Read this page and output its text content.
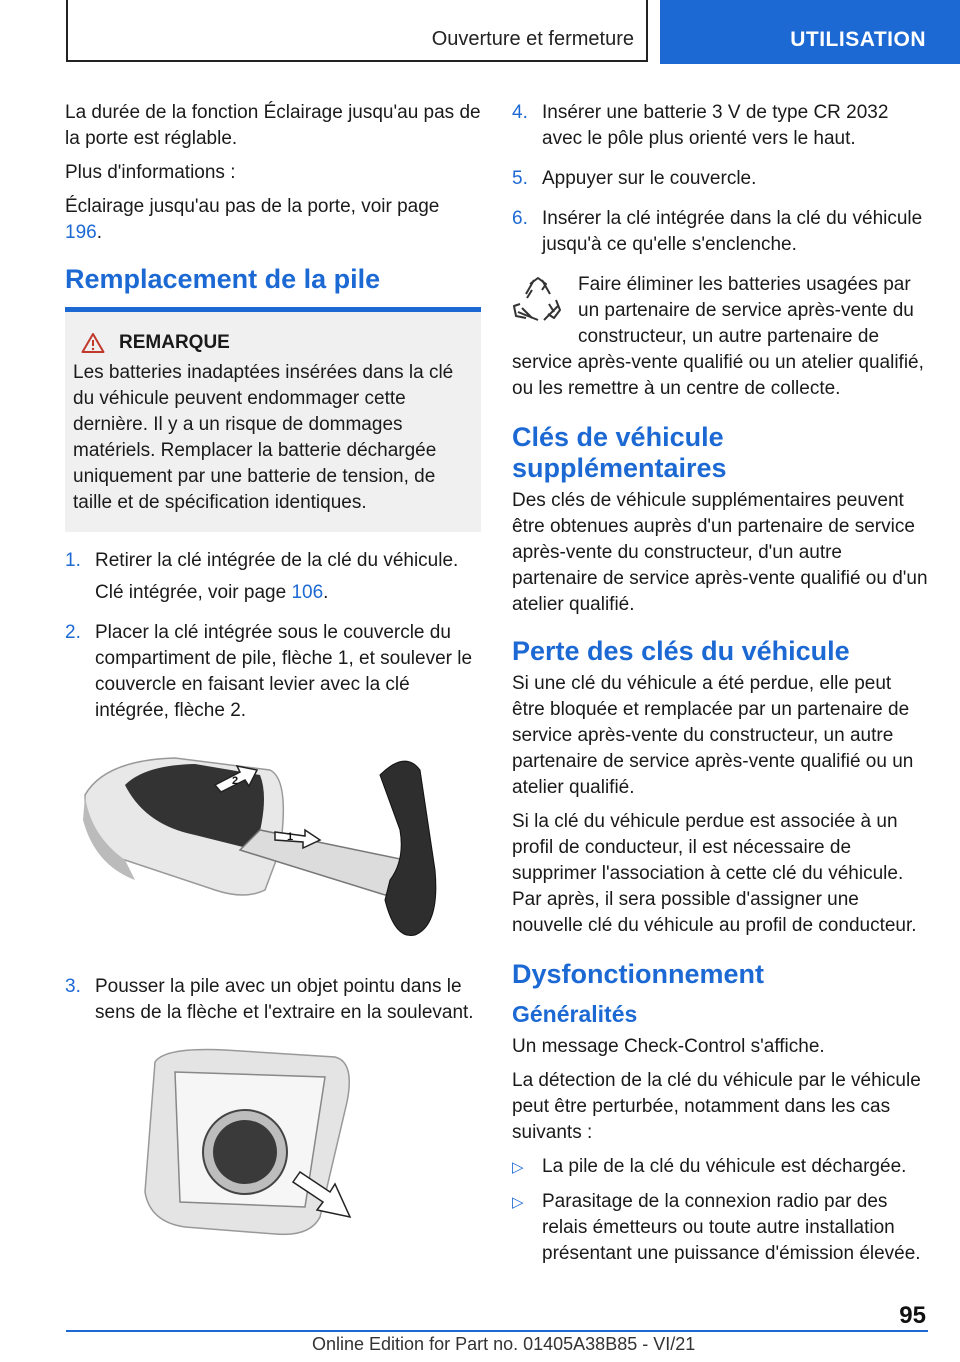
Ouverture et fermeture	UTILISATION

La durée de la fonction Éclairage jusqu'au pas de la porte est réglable.

Plus d'informations :

Éclairage jusqu'au pas de la porte, voir page 196.

Remplacement de la pile
REMARQUE

Les batteries inadaptées insérées dans la clé du véhicule peuvent endommager cette dernière. Il y a un risque de dommages matériels. Remplacer la batterie déchargée uniquement par une batterie de tension, de taille et de spécification identiques.

1. Retirer la clé intégrée de la clé du véhicule.

Clé intégrée, voir page 106.

2. Placer la clé intégrée sous le couvercle du compartiment de pile, flèche 1, et soulever le couvercle en faisant levier avec la clé intégrée, flèche 2.

1
2
3. Pousser la pile avec un objet pointu dans le sens de la flèche et l'extraire en la soulevant.

4. Insérer une batterie 3 V de type CR 2032 avec le pôle plus orienté vers le haut.

5. Appuyer sur le couvercle.

6. Insérer la clé intégrée dans la clé du véhicule jusqu'à ce qu'elle s'enclenche.

Faire éliminer les batteries usagées par un partenaire de service après-vente du constructeur, un autre partenaire de service après-vente qualifié ou un atelier qualifié, ou les remettre à un centre de collecte.

Clés de véhicule supplémentaires

Des clés de véhicule supplémentaires peuvent être obtenues auprès d'un partenaire de service après-vente du constructeur, d'un autre partenaire de service après-vente qualifié ou d'un atelier qualifié.

Perte des clés du véhicule

Si une clé du véhicule a été perdue, elle peut être bloquée et remplacée par un partenaire de service après-vente du constructeur, un autre partenaire de service après-vente qualifié ou un atelier qualifié.

Si la clé du véhicule perdue est associée à un profil de conducteur, il est nécessaire de supprimer l'association à cette clé du véhicule. Par après, il sera possible d'assigner une nouvelle clé du véhicule au profil de conducteur.

Dysfonctionnement
Généralités

Un message Check-Control s'affiche.

La détection de la clé du véhicule par le véhicule peut être perturbée, notamment dans les cas suivants :

▷ La pile de la clé du véhicule est déchargée.
▷ Parasitage de la connexion radio par des relais émetteurs ou toute autre installation présentant une puissance d'émission élevée.
95
Online Edition for Part no. 01405A38B85 - VI/21
